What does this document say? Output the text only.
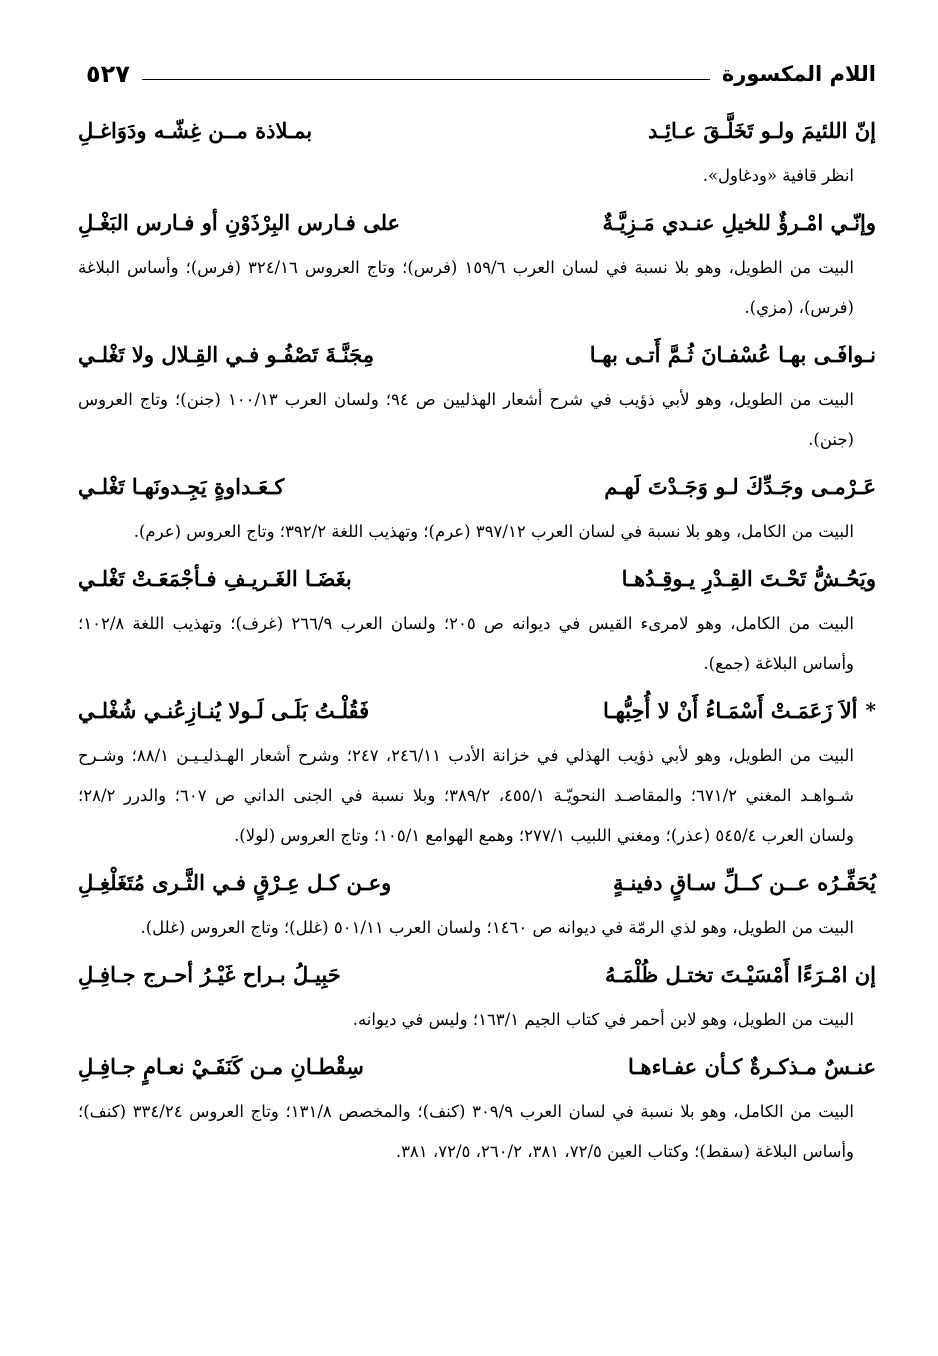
اللام المكسورة
٥٢٧
إنّ اللئيمَ ولـو تَخَلَّـقَ عـائِـد
بمـلاذة مــن غِشّـه ودَوَاغـلِ

انظر قافية «ودغاول».

وإنّـي امْـرؤٌ للخيلِ عنـدي مَـزِيَّـةٌ
على فـارس البِرْذَوْنِ أو فـارس البَغْـلِ

البيت من الطويل، وهو بلا نسبة في لسان العرب ١٥٩/٦ (فرس)؛ وتاج العروس ٣٢٤/١٦ (فرس)؛ وأساس البلاغة (فرس)، (مزي).

نـوافَـى بهـا عُسْفـانَ ثُـمَّ أَتـى بهـا
مِجَنَّـةَ تَصْفُـو فـي القِـلال ولا تَغْلـي

البيت من الطويل، وهو لأبي ذؤيب في شرح أشعار الهذليين ص ٩٤؛ ولسان العرب ١٠٠/١٣ (جنن)؛ وتاج العروس (جنن).

عَـرْمـى وجَـدِّكَ لـو وَجَـدْتَ لَهـم
كـعَـداوةٍ يَجِـدونَهـا تَغْلـي

البيت من الكامل، وهو بلا نسبة في لسان العرب ٣٩٧/١٢ (عرم)؛ وتهذيب اللغة ٣٩٢/٢؛ وتاج العروس (عرم).

ويَحُـشُّ تَحْـتَ القِـدْرِ يـوقِـدُهـا
بغَضَـا الغَـريـفِ فـأجْمَعَـتْ تَغْلـي

البيت من الكامل، وهو لامرىء القيس في ديوانه ص ٢٠٥؛ ولسان العرب ٢٦٦/٩ (غرف)؛ وتهذيب اللغة ١٠٢/٨؛ وأساس البلاغة (جمع).

*
ألاَ زَعَمَـتْ أَسْمَـاءُ أَنْ لا أُحِبُّهـا
فَقُلْـتُ بَلَـى لَـولا يُنـازِعُنـي شُغْلـي

البيت من الطويل، وهو لأبي ذؤيب الهذلي في خزانة الأدب ٢٤٦/١١، ٢٤٧؛ وشرح أشعار الهـذليـيـن ٨٨/١؛ وشـرح شـواهـد المغني ٦٧١/٢؛ والمقاصـد النحويّـة ٤٥٥/١، ٣٨٩/٢؛ وبلا نسبة في الجنى الداني ص ٦٠٧؛ والدرر ٢٨/٢؛ ولسان العرب ٥٤٥/٤ (عذر)؛ ومغني اللبيب ٢٧٧/١؛ وهمع الهوامع ١٠٥/١؛ وتاج العروس (لولا).

يُحَفِّـرُه عــن كــلِّ سـاقٍ دفينـةٍ
وعـن كـل عِـرْقٍ فـي الثَّـرى مُتَغَلْغِـلِ

البيت من الطويل، وهو لذي الرمّة في ديوانه ص ١٤٦٠؛ ولسان العرب ٥٠١/١١ (غلل)؛ وتاج العروس (غلل).

إن امْـرَءًا أَمْسَيْـتَ تختـل ظُلْمَـهُ
حَبِيـلُ بـراح غَيْـرُ أحـرج جـافِـلِ

البيت من الطويل، وهو لابن أحمر في كتاب الجيم ١٦٣/١؛ وليس في ديوانه.

عنـسٌ مـذكـرةٌ كـأن عفـاءهـا
سِقْطـانِ مـن كَنَفَـيْ نعـامٍ جـافِـلِ

البيت من الكامل، وهو بلا نسبة في لسان العرب ٣٠٩/٩ (كنف)؛ والمخصص ١٣١/٨؛ وتاج العروس ٣٣٤/٢٤ (كنف)؛ وأساس البلاغة (سقط)؛ وكتاب العين ٧٢/٥، ٣٨١، ٢٦٠/٢، ٧٢/٥، ٣٨١.
